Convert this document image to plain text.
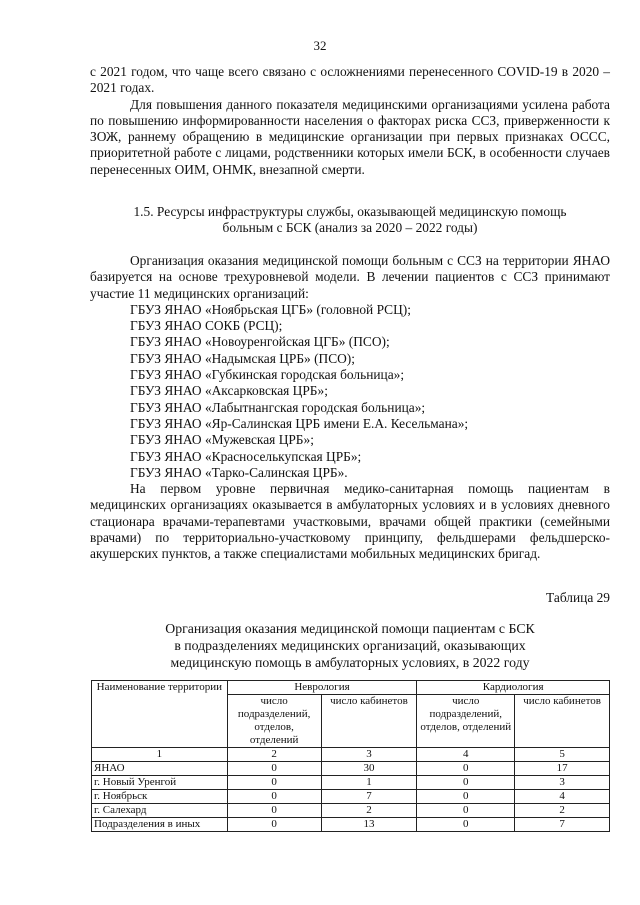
32

с 2021 годом, что чаще всего связано с осложнениями перенесенного COVID-19 в 2020 – 2021 годах.

Для повышения данного показателя медицинскими организациями усилена работа по повышению информированности населения о факторах риска ССЗ, приверженности к ЗОЖ, раннему обращению в медицинские организации при первых признаках ОССС, приоритетной работе с лицами, родственники которых имели БСК, в особенности случаев перенесенных ОИМ, ОНМК, внезапной смерти.

1.5. Ресурсы инфраструктуры службы, оказывающей медицинскую помощь
больным с БСК (анализ за 2020 – 2022 годы)

Организация оказания медицинской помощи больным с ССЗ на территории ЯНАО базируется на основе трехуровневой модели. В лечении пациентов с ССЗ принимают участие 11 медицинских организаций:

ГБУЗ ЯНАО «Ноябрьская ЦГБ» (головной РСЦ);
ГБУЗ ЯНАО СОКБ (РСЦ);
ГБУЗ ЯНАО «Новоуренгойская ЦГБ» (ПСО);
ГБУЗ ЯНАО «Надымская ЦРБ» (ПСО);
ГБУЗ ЯНАО «Губкинская городская больница»;
ГБУЗ ЯНАО «Аксарковская ЦРБ»;
ГБУЗ ЯНАО «Лабытнангская городская больница»;
ГБУЗ ЯНАО «Яр-Салинская ЦРБ имени Е.А. Кесельмана»;
ГБУЗ ЯНАО «Мужевская ЦРБ»;
ГБУЗ ЯНАО «Красноселькупская ЦРБ»;
ГБУЗ ЯНАО «Тарко-Салинская ЦРБ».

На первом уровне первичная медико-санитарная помощь пациентам в медицинских организациях оказывается в амбулаторных условиях и в условиях дневного стационара врачами-терапевтами участковыми, врачами общей практики (семейными врачами) по территориально-участковому принципу, фельдшерами фельдшерско-акушерских пунктов, а также специалистами мобильных медицинских бригад.

Таблица 29
Организация оказания медицинской помощи пациентам с БСК
в подразделениях медицинских организаций, оказывающих
медицинскую помощь в амбулаторных условиях, в 2022 году
Наименование территории	Неврология		Кардиология	
	число подразделений, отделов, отделений	число кабинетов	число подразделений, отделов, отделений	число кабинетов
1	2	3	4	5
ЯНАО	0	30	0	17
г. Новый Уренгой	0	1	0	3
г. Ноябрьск	0	7	0	4
г. Салехард	0	2	0	2
Подразделения в иных	0	13	0	7
